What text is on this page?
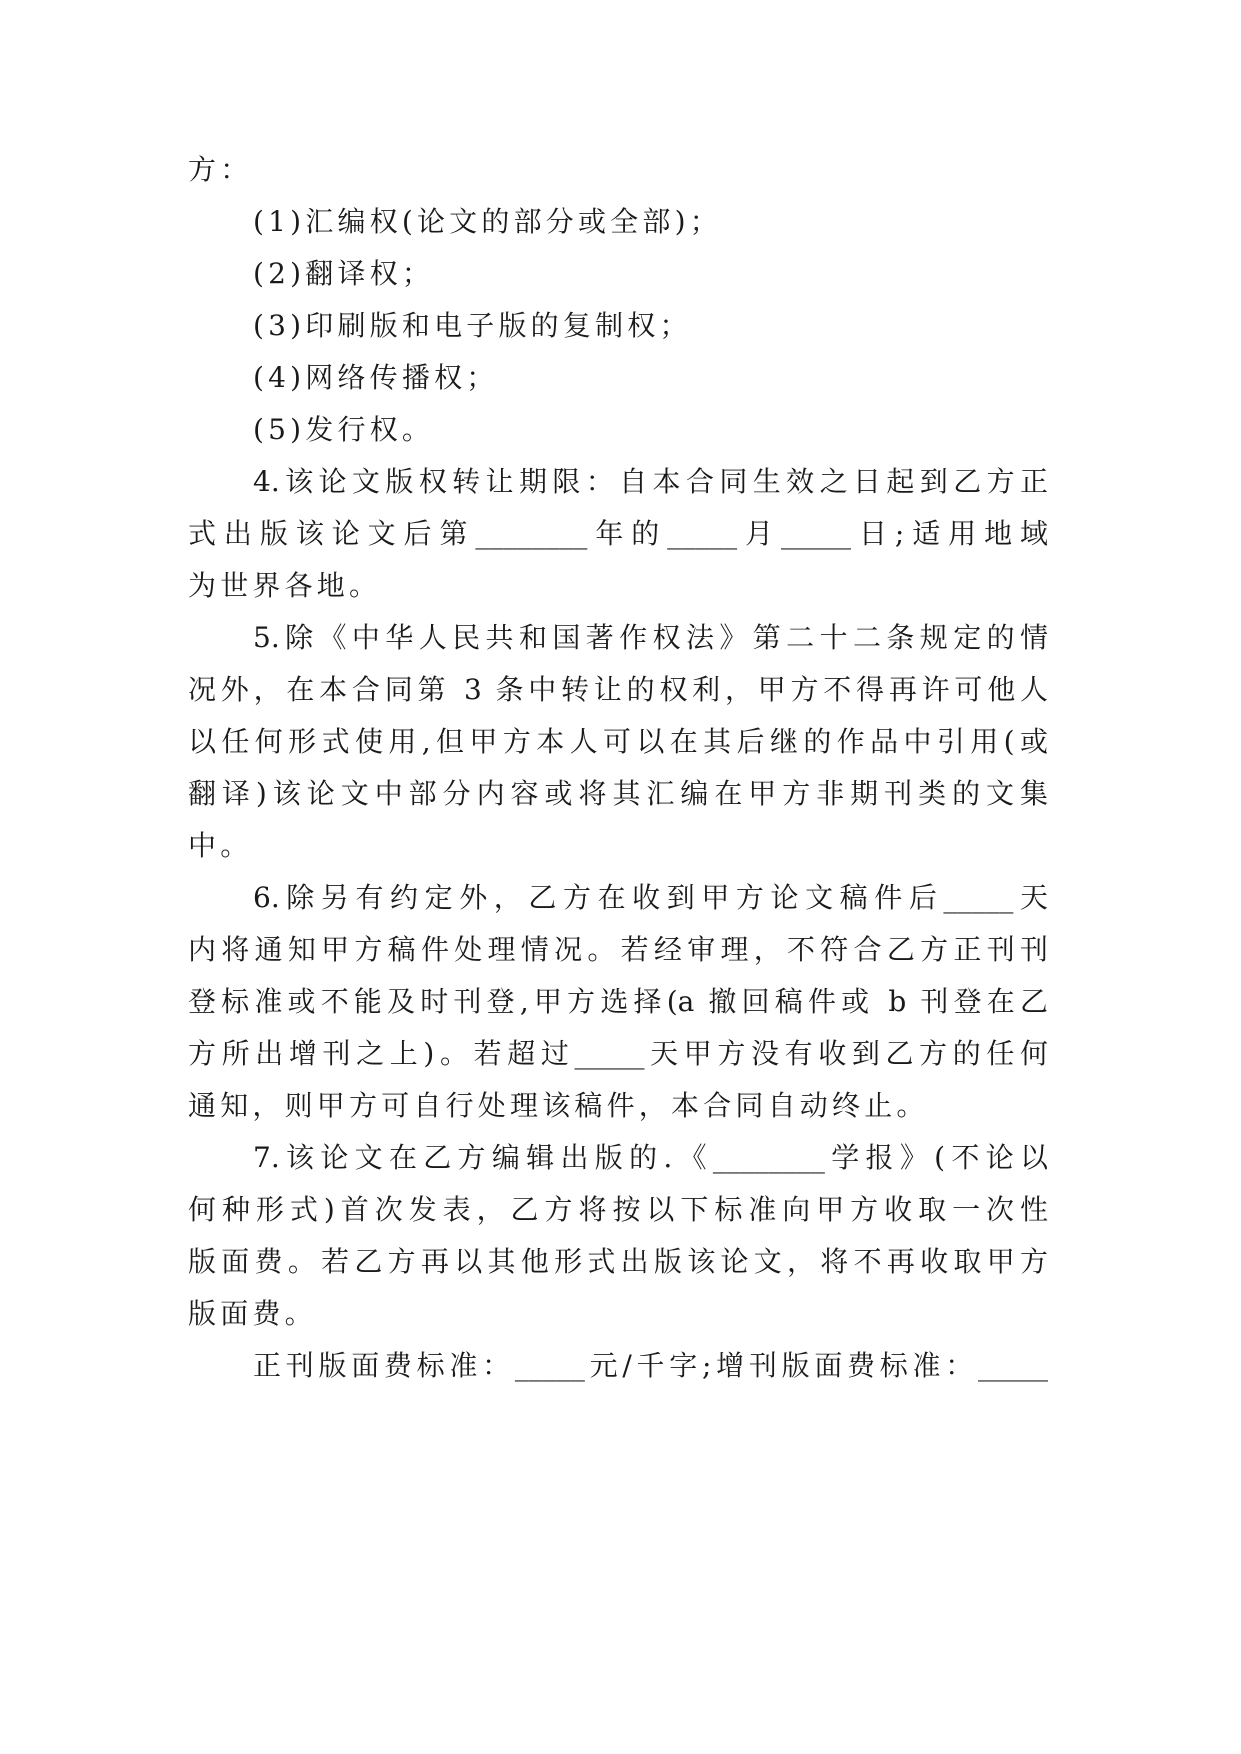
方：

(1)汇编权(论文的部分或全部)；

(2)翻译权；

(3)印刷版和电子版的复制权；

(4)网络传播权；

(5)发行权。

4.该论文版权转让期限：自本合同生效之日起到乙方正

式出版该论文后第________年的_____月_____日;适用地域

为世界各地。

5.除《中华人民共和国著作权法》第二十二条规定的情

况外，在本合同第 3 条中转让的权利，甲方不得再许可他人

以任何形式使用,但甲方本人可以在其后继的作品中引用(或

翻译)该论文中部分内容或将其汇编在甲方非期刊类的文集

中。

6.除另有约定外，乙方在收到甲方论文稿件后_____天

内将通知甲方稿件处理情况。若经审理，不符合乙方正刊刊

登标准或不能及时刊登,甲方选择(a 撤回稿件或 b 刊登在乙

方所出增刊之上)。若超过_____天甲方没有收到乙方的任何

通知，则甲方可自行处理该稿件，本合同自动终止。

7.该论文在乙方编辑出版的.《________学报》(不论以

何种形式)首次发表，乙方将按以下标准向甲方收取一次性

版面费。若乙方再以其他形式出版该论文，将不再收取甲方

版面费。

正刊版面费标准：_____元/千字;增刊版面费标准：_____
